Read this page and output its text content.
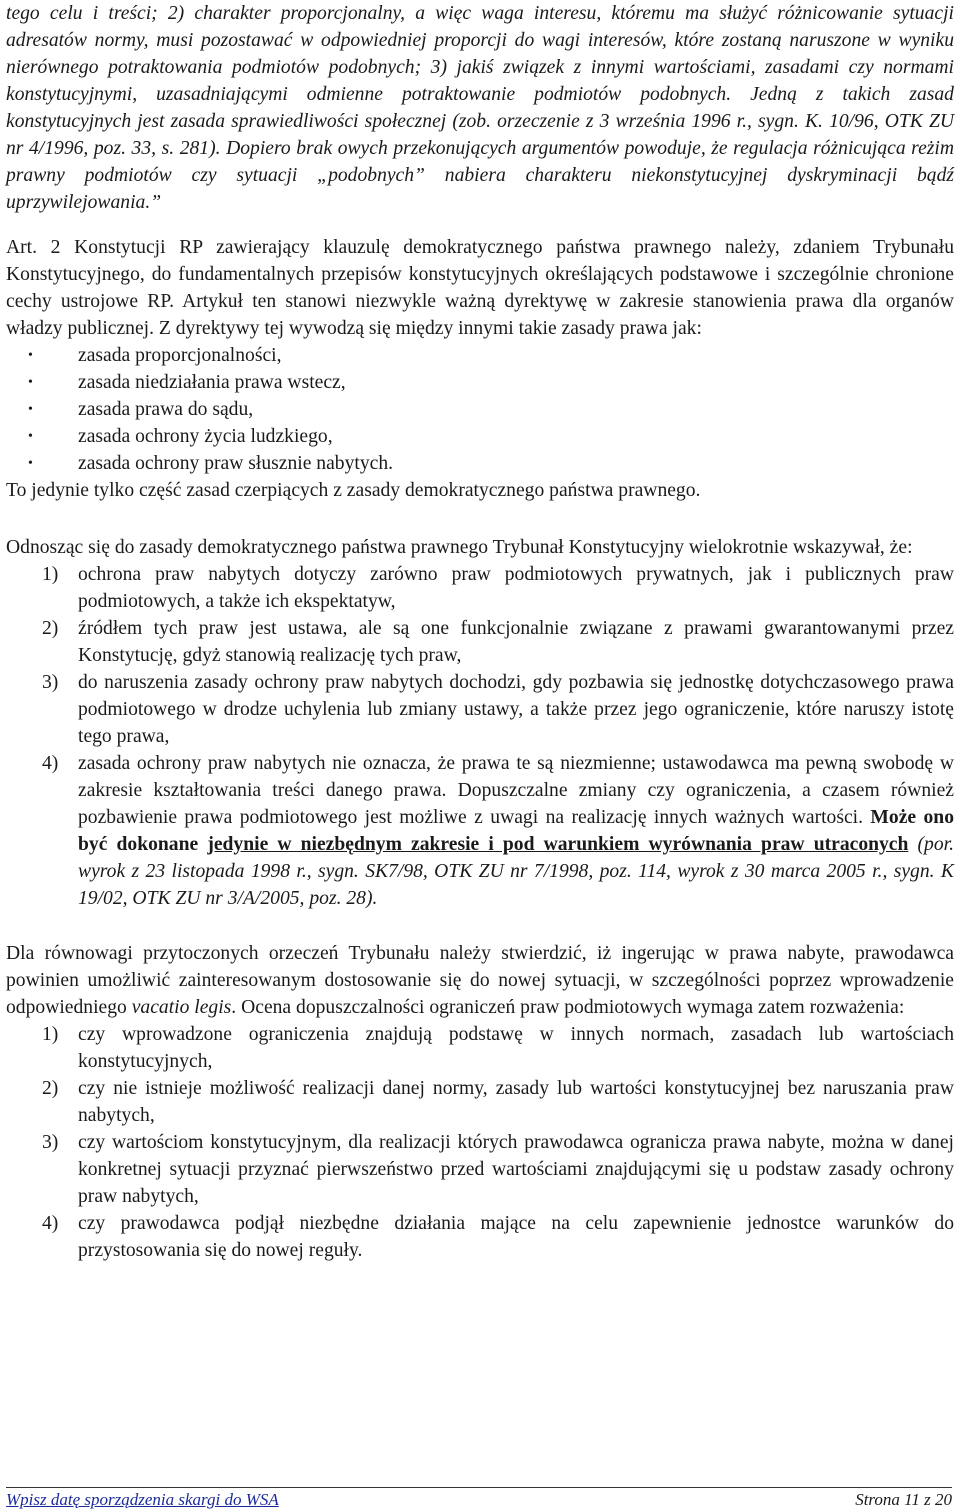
tego celu i treści; 2) charakter proporcjonalny, a więc waga interesu, któremu ma służyć różnicowanie sytuacji adresatów normy, musi pozostawać w odpowiedniej proporcji do wagi interesów, które zostaną naruszone w wyniku nierównego potraktowania podmiotów podobnych; 3) jakiś związek z innymi wartościami, zasadami czy normami konstytucyjnymi, uzasadniającymi odmienne potraktowanie podmiotów podobnych. Jedną z takich zasad konstytucyjnych jest zasada sprawiedliwości społecznej (zob. orzeczenie z 3 września 1996 r., sygn. K. 10/96, OTK ZU nr 4/1996, poz. 33, s. 281). Dopiero brak owych przekonujących argumentów powoduje, że regulacja różnicująca reżim prawny podmiotów czy sytuacji „podobnych” nabiera charakteru niekonstytucyjnej dyskryminacji bądź uprzywilejowania.”

Art. 2 Konstytucji RP zawierający klauzulę demokratycznego państwa prawnego należy, zdaniem Trybunału Konstytucyjnego, do fundamentalnych przepisów konstytucyjnych określających podstawowe i szczególnie chronione cechy ustrojowe RP. Artykuł ten stanowi niezwykle ważną dyrektywę w zakresie stanowienia prawa dla organów władzy publicznej. Z dyrektywy tej wywodzą się między innymi takie zasady prawa jak:

• zasada proporcjonalności,
• zasada niedziałania prawa wstecz,
• zasada prawa do sądu,
• zasada ochrony życia ludzkiego,
• zasada ochrony praw słusznie nabytych.

To jedynie tylko część zasad czerpiących z zasady demokratycznego państwa prawnego.

Odnosząc się do zasady demokratycznego państwa prawnego Trybunał Konstytucyjny wielokrotnie wskazywał, że:

1) ochrona praw nabytych dotyczy zarówno praw podmiotowych prywatnych, jak i publicznych praw podmiotowych, a także ich ekspektatyw,
2) źródłem tych praw jest ustawa, ale są one funkcjonalnie związane z prawami gwarantowanymi przez Konstytucję, gdyż stanowią realizację tych praw,
3) do naruszenia zasady ochrony praw nabytych dochodzi, gdy pozbawia się jednostkę dotychczasowego prawa podmiotowego w drodze uchylenia lub zmiany ustawy, a także przez jego ograniczenie, które naruszy istotę tego prawa,
4) zasada ochrony praw nabytych nie oznacza, że prawa te są niezmienne; ustawodawca ma pewną swobodę w zakresie kształtowania treści danego prawa. Dopuszczalne zmiany czy ograniczenia, a czasem również pozbawienie prawa podmiotowego jest możliwe z uwagi na realizację innych ważnych wartości. Może ono być dokonane jedynie w niezbędnym zakresie i pod warunkiem wyrównania praw utraconych (por. wyrok z 23 listopada 1998 r., sygn. SK7/98, OTK ZU nr 7/1998, poz. 114, wyrok z 30 marca 2005 r., sygn. K 19/02, OTK ZU nr 3/A/2005, poz. 28).

Dla równowagi przytoczonych orzeczeń Trybunału należy stwierdzić, iż ingerując w prawa nabyte, prawodawca powinien umożliwić zainteresowanym dostosowanie się do nowej sytuacji, w szczególności poprzez wprowadzenie odpowiedniego vacatio legis. Ocena dopuszczalności ograniczeń praw podmiotowych wymaga zatem rozważenia:

1) czy wprowadzone ograniczenia znajdują podstawę w innych normach, zasadach lub wartościach konstytucyjnych,
2) czy nie istnieje możliwość realizacji danej normy, zasady lub wartości konstytucyjnej bez naruszania praw nabytych,
3) czy wartościom konstytucyjnym, dla realizacji których prawodawca ogranicza prawa nabyte, można w danej konkretnej sytuacji przyznać pierwszeństwo przed wartościami znajdującymi się u podstaw zasady ochrony praw nabytych,
4) czy prawodawca podjął niezbędne działania mające na celu zapewnienie jednostce warunków do przystosowania się do nowej reguły.
Wpisz datę sporządzenia skargi do WSA	Strona 11 z 20
